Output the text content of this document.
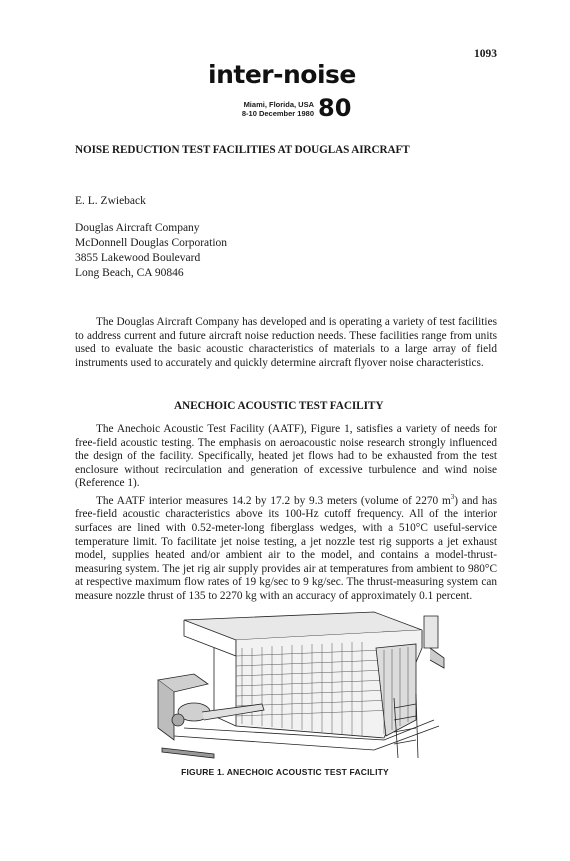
1093
inter-noise
Miami, Florida, USA
8-10 December 1980 80
NOISE REDUCTION TEST FACILITIES AT DOUGLAS AIRCRAFT
E. L. Zwieback
Douglas Aircraft Company
McDonnell Douglas Corporation
3855 Lakewood Boulevard
Long Beach, CA 90846

The Douglas Aircraft Company has developed and is operating a variety of test facilities to address current and future aircraft noise reduction needs. These facilities range from units used to evaluate the basic acoustic characteristics of materials to a large array of field instruments used to accurately and quickly determine aircraft flyover noise characteristics.

ANECHOIC ACOUSTIC TEST FACILITY

The Anechoic Acoustic Test Facility (AATF), Figure 1, satisfies a variety of needs for free-field acoustic testing. The emphasis on aeroacoustic noise research strongly influenced the design of the facility. Specifically, heated jet flows had to be exhausted from the test enclosure without recirculation and generation of excessive turbulence and wind noise (Reference 1).

The AATF interior measures 14.2 by 17.2 by 9.3 meters (volume of 2270 $m^3$) and has free-field acoustic characteristics above its 100-Hz cutoff frequency. All of the interior surfaces are lined with 0.52-meter-long fiberglass wedges, with a 510°C useful-service temperature limit. To facilitate jet noise testing, a jet nozzle test rig supports a jet exhaust model, supplies heated and/or ambient air to the model, and contains a model-thrust-measuring system. The jet rig air supply provides air at temperatures from ambient to 980°C at respective maximum flow rates of 19 kg/sec to 9 kg/sec. The thrust-measuring system can measure nozzle thrust of 135 to 2270 kg with an accuracy of approximately 0.1 percent.

FIGURE 1. ANECHOIC ACOUSTIC TEST FACILITY
